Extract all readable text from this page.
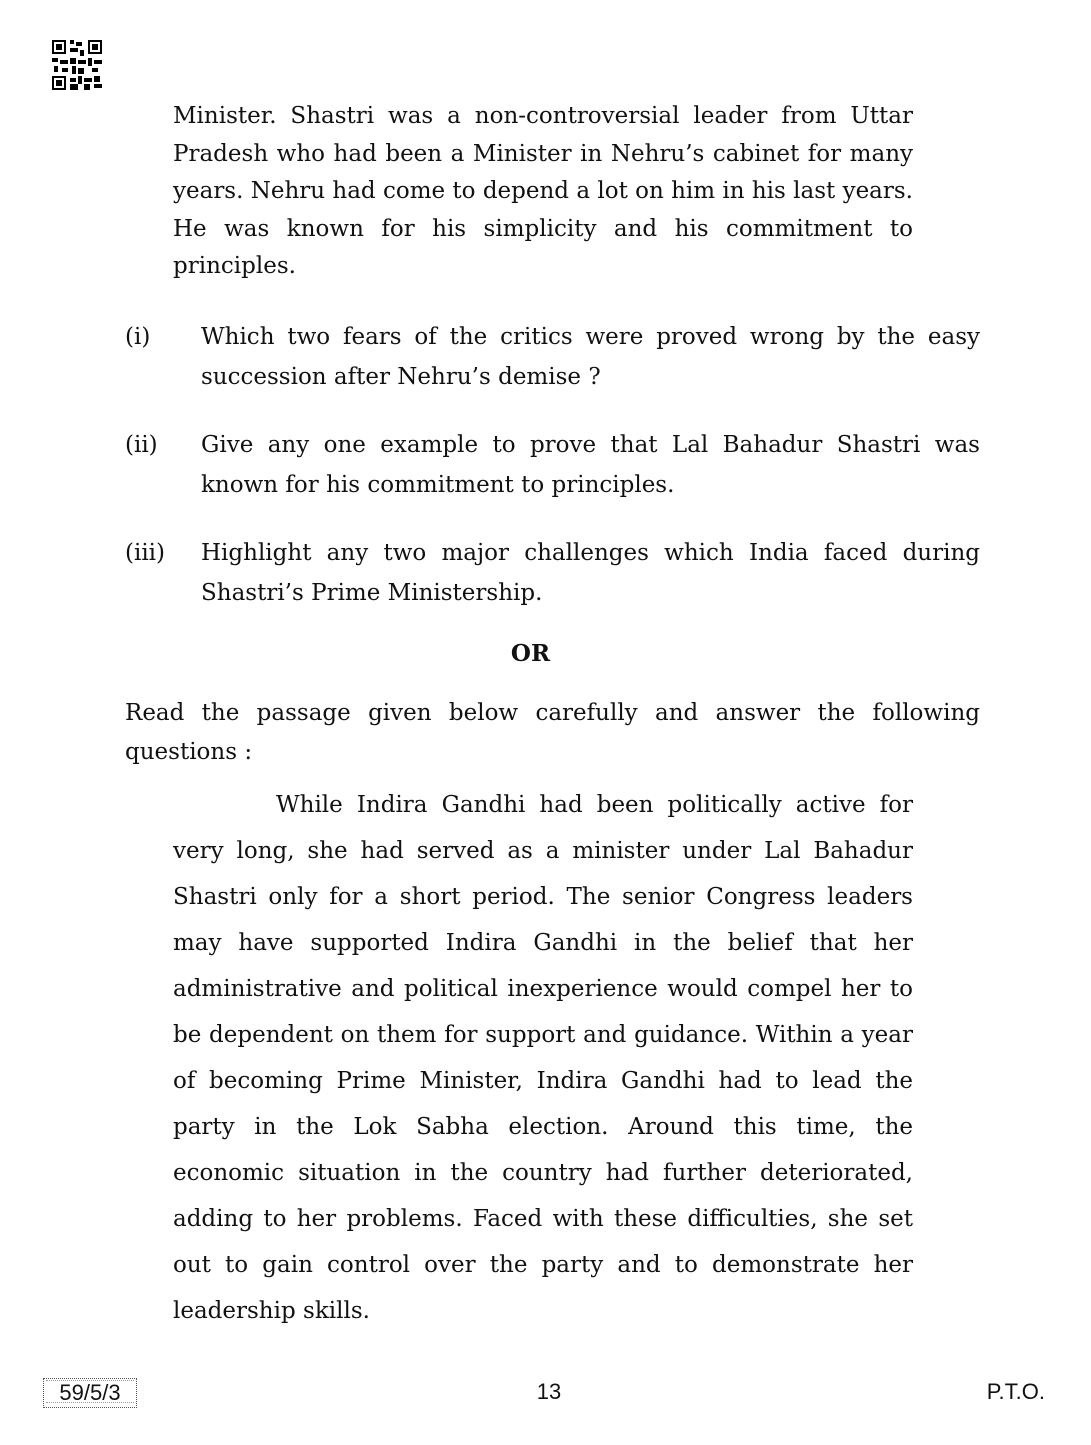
Minister. Shastri was a non-controversial leader from Uttar Pradesh who had been a Minister in Nehru’s cabinet for many years. Nehru had come to depend a lot on him in his last years. He was known for his simplicity and his commitment to principles.

(i) Which two fears of the critics were proved wrong by the easy succession after Nehru’s demise ?
(ii) Give any one example to prove that Lal Bahadur Shastri was known for his commitment to principles.
(iii) Highlight any two major challenges which India faced during Shastri’s Prime Ministership.
OR
Read the passage given below carefully and answer the following questions :

While Indira Gandhi had been politically active for very long, she had served as a minister under Lal Bahadur Shastri only for a short period. The senior Congress leaders may have supported Indira Gandhi in the belief that her administrative and political inexperience would compel her to be dependent on them for support and guidance. Within a year of becoming Prime Minister, Indira Gandhi had to lead the party in the Lok Sabha election. Around this time, the economic situation in the country had further deteriorated, adding to her problems. Faced with these difficulties, she set out to gain control over the party and to demonstrate her leadership skills.

59/5/3	13	P.T.O.
